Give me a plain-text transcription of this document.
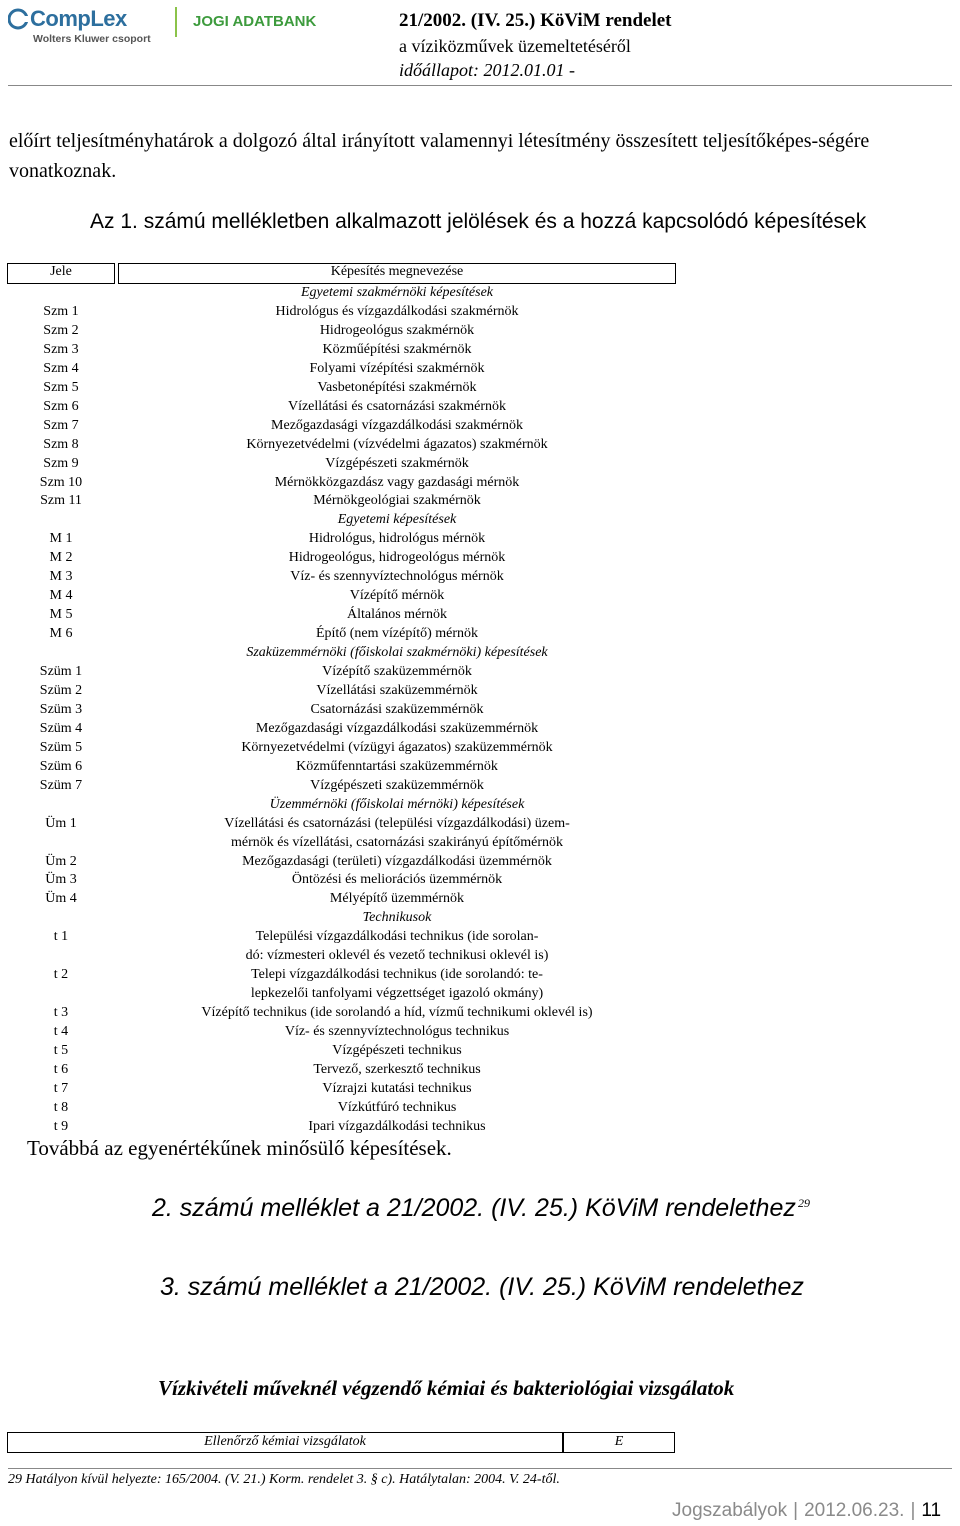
CompLex
Wolters Kluwer csoport
JOGI ADATBANK	21/2002. (IV. 25.) KöViM rendelet
a víziközművek üzemeltetéséről
időállapot: 2012.01.01 -
előírt teljesítményhatárok a dolgozó által irányított valamennyi létesítmény összesített teljesítőképes-ségére vonatkoznak.
Az 1. számú mellékletben alkalmazott jelölések és a hozzá kapcsolódó képesítések
Jele	Képesítés megnevezése
Egyetemi szakmérnöki képesítések
Szm 1	Hidrológus és vízgazdálkodási szakmérnök
Szm 2	Hidrogeológus szakmérnök
Szm 3	Közműépítési szakmérnök
Szm 4	Folyami vízépítési szakmérnök
Szm 5	Vasbetonépítési szakmérnök
Szm 6	Vízellátási és csatornázási szakmérnök
Szm 7	Mezőgazdasági vízgazdálkodási szakmérnök
Szm 8	Környezetvédelmi (vízvédelmi ágazatos) szakmérnök
Szm 9	Vízgépészeti szakmérnök
Szm 10	Mérnökközgazdász vagy gazdasági mérnök
Szm 11	Mérnökgeológiai szakmérnök
Egyetemi képesítések
M 1	Hidrológus, hidrológus mérnök
M 2	Hidrogeológus, hidrogeológus mérnök
M 3	Víz- és szennyvíztechnológus mérnök
M 4	Vízépítő mérnök
M 5	Általános mérnök
M 6	Építő (nem vízépítő) mérnök
Szaküzemmérnöki (főiskolai szakmérnöki) képesítések
Szüm 1	Vízépítő szaküzemmérnök
Szüm 2	Vízellátási szaküzemmérnök
Szüm 3	Csatornázási szaküzemmérnök
Szüm 4	Mezőgazdasági vízgazdálkodási szaküzemmérnök
Szüm 5	Környezetvédelmi (vízügyi ágazatos) szaküzemmérnök
Szüm 6	Közműfenntartási szaküzemmérnök
Szüm 7	Vízgépészeti szaküzemmérnök
Üzemmérnöki (főiskolai mérnöki) képesítések
Üm 1	Vízellátási és csatornázási (települési vízgazdálkodási) üzem-
mérnök és vízellátási, csatornázási szakirányú építőmérnök
Üm 2	Mezőgazdasági (területi) vízgazdálkodási üzemmérnök
Üm 3	Öntözési és meliorációs üzemmérnök
Üm 4	Mélyépítő üzemmérnök
Technikusok
t 1	Települési vízgazdálkodási technikus (ide sorolan-
dó: vízmesteri oklevél és vezető technikusi oklevél is)
t 2	Telepi vízgazdálkodási technikus (ide sorolandó: te-
lepkezelői tanfolyami végzettséget igazoló okmány)
t 3	Vízépítő technikus (ide sorolandó a híd, vízmű technikumi oklevél is)
t 4	Víz- és szennyvíztechnológus technikus
t 5	Vízgépészeti technikus
t 6	Tervező, szerkesztő technikus
t 7	Vízrajzi kutatási technikus
t 8	Vízkútfúró technikus
t 9	Ipari vízgazdálkodási technikus
Továbbá az egyenértékűnek minősülő képesítések.
2. számú melléklet a 21/2002. (IV. 25.) KöViM rendelethez 29
3. számú melléklet a 21/2002. (IV. 25.) KöViM rendelethez
Vízkivételi műveknél végzendő kémiai és bakteriológiai vizsgálatok
Ellenőrző kémiai vizsgálatok	E
29 Hatályon kívül helyezte: 165/2004. (V. 21.) Korm. rendelet 3. § c). Hatálytalan: 2004. V. 24-től.
Jogszabályok | 2012.06.23. | 11
